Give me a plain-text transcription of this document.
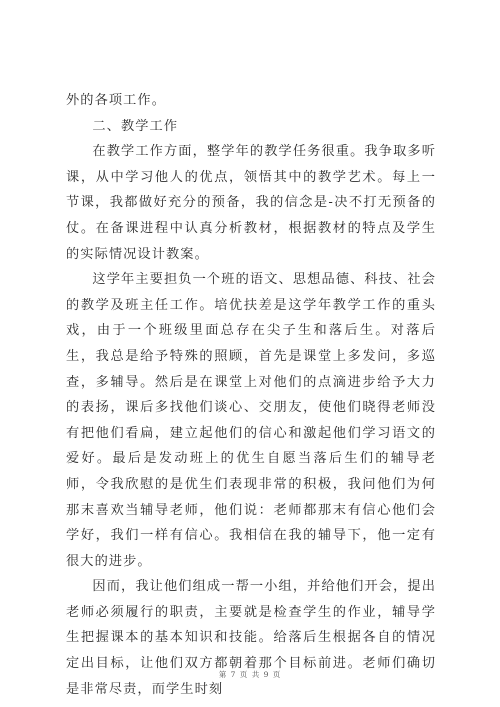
外的各项工作。

二、教学工作

在教学工作方面，整学年的教学任务很重。我争取多听课，从中学习他人的优点，领悟其中的教学艺术。每上一节课，我都做好充分的预备，我的信念是-决不打无预备的仗。在备课进程中认真分析教材，根据教材的特点及学生的实际情况设计教案。

这学年主要担负一个班的语文、思想品德、科技、社会的教学及班主任工作。培优扶差是这学年教学工作的重头戏，由于一个班级里面总存在尖子生和落后生。对落后生，我总是给予特殊的照顾，首先是课堂上多发问，多巡查，多辅导。然后是在课堂上对他们的点滴进步给予大力的表扬，课后多找他们谈心、交朋友，使他们晓得老师没有把他们看扁，建立起他们的信心和激起他们学习语文的爱好。最后是发动班上的优生自愿当落后生们的辅导老师，令我欣慰的是优生们表现非常的积极，我问他们为何那末喜欢当辅导老师，他们说：老师都那末有信心他们会学好，我们一样有信心。我相信在我的辅导下，他一定有很大的进步。

因而，我让他们组成一帮一小组，并给他们开会，提出老师必须履行的职责，主要就是检查学生的作业，辅导学生把握课本的基本知识和技能。给落后生根据各自的情况定出目标，让他们双方都朝着那个目标前进。老师们确切是非常尽责，而学生时刻

第 7 页 共 9 页
